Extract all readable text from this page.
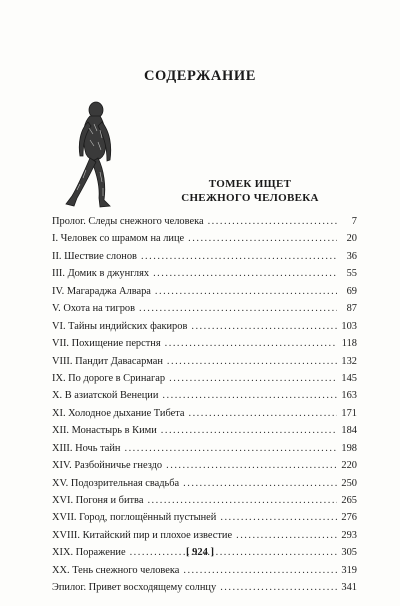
СОДЕРЖАНИЕ
ТОМЕК ИЩЕТ
СНЕЖНОГО ЧЕЛОВЕКА
Пролог. Следы снежного человека .....	7
I. Человек со шрамом на лице .....	20
II. Шествие слонов .....	36
III. Домик в джунглях .....	55
IV. Магараджа Алвара .....	69
V. Охота на тигров .....	87
VI. Тайны индийских факиров .....	103
VII. Похищение перстня .....	118
VIII. Пандит Давасарман .....	132
IX. По дороге в Сринагар .....	145
X. В азиатской Венеции .....	163
XI. Холодное дыхание Тибета .....	171
XII. Монастырь в Кими .....	184
XIII. Ночь тайн .....	198
XIV. Разбойничье гнездо .....	220
XV. Подозрительная свадьба .....	250
XVI. Погоня и битва .....	265
XVII. Город, поглощённый пустыней .....	276
XVIII. Китайский пир и плохое известие .....	293
XIX. Поражение .....	305
XX. Тень снежного человека .....	319
Эпилог. Привет восходящему солнцу .....	341
[ 924 ]
